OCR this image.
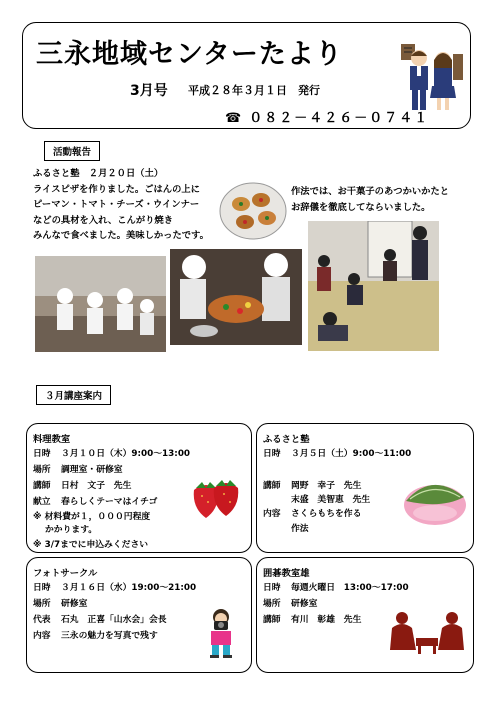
三永地域センターたより
3月号 平成２８年３月１日　発行
☎ ０８２－４２６－０７４１
活動報告
ふるさと塾　２月２０日（土）
ライスピザを作りました。ごはんの上に
ピーマン・トマト・チーズ・ウインナー
などの具材を入れ、こんがり焼き
みんなで食べました。美味しかったです。
作法では、お干菓子のあつかいかたと
お辞儀を徹底してならいました。
３月講座案内
料理教室
日時 ３月１０日（木）9:00～13:00
場所 調理室・研修室
講師 日村　文子　先生
献立 春らしくテーマはイチゴ
※ 材料費が１，０００円程度
かかります。
※ 3/7までに申込みください
ふるさと塾
日時 ３月５日（土）9:00～11:00
講師 岡野　幸子　先生
末盛　美智恵　先生
内容 さくらもちを作る
作法
フォトサークル
日時 ３月１６日（水）19:00～21:00
場所 研修室
代表 石丸　正喜「山水会」会長
内容 三永の魅力を写真で残す
囲碁教室雄
日時 毎週火曜日　13:00～17:00
場所 研修室
講師 有川　彰雄　先生
